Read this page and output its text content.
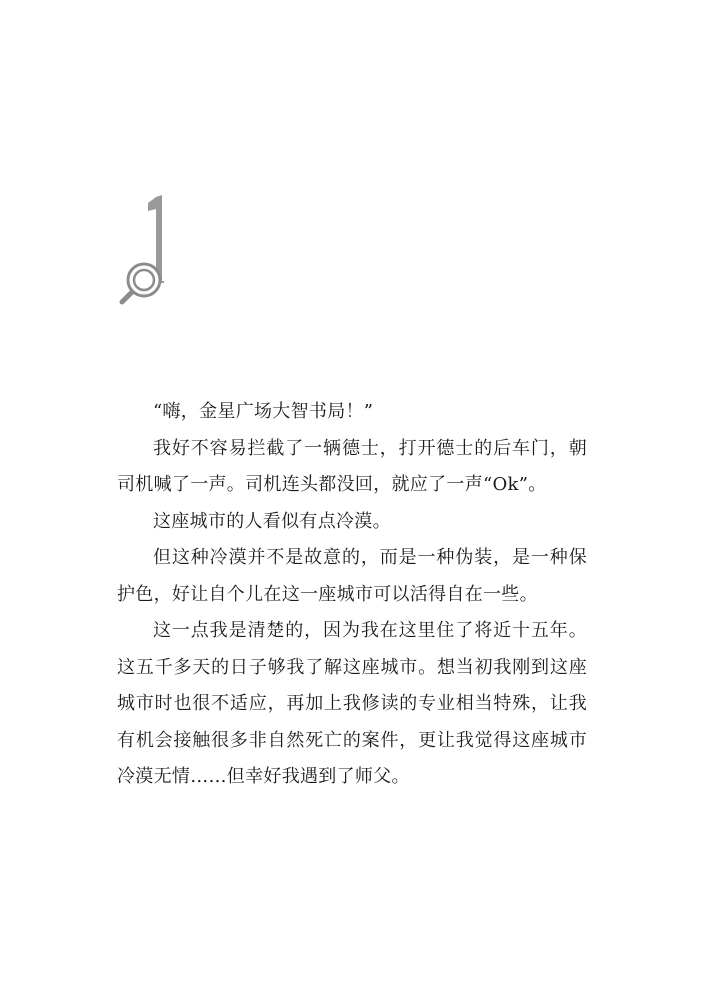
“嗨，金星广场大智书局！”

我好不容易拦截了一辆德士，打开德士的后车门，朝司机喊了一声。司机连头都没回，就应了一声“Ok”。

这座城市的人看似有点冷漠。

但这种冷漠并不是故意的，而是一种伪装，是一种保护色，好让自个儿在这一座城市可以活得自在一些。

这一点我是清楚的，因为我在这里住了将近十五年。这五千多天的日子够我了解这座城市。想当初我刚到这座城市时也很不适应，再加上我修读的专业相当特殊，让我有机会接触很多非自然死亡的案件，更让我觉得这座城市冷漠无情……但幸好我遇到了师父。
